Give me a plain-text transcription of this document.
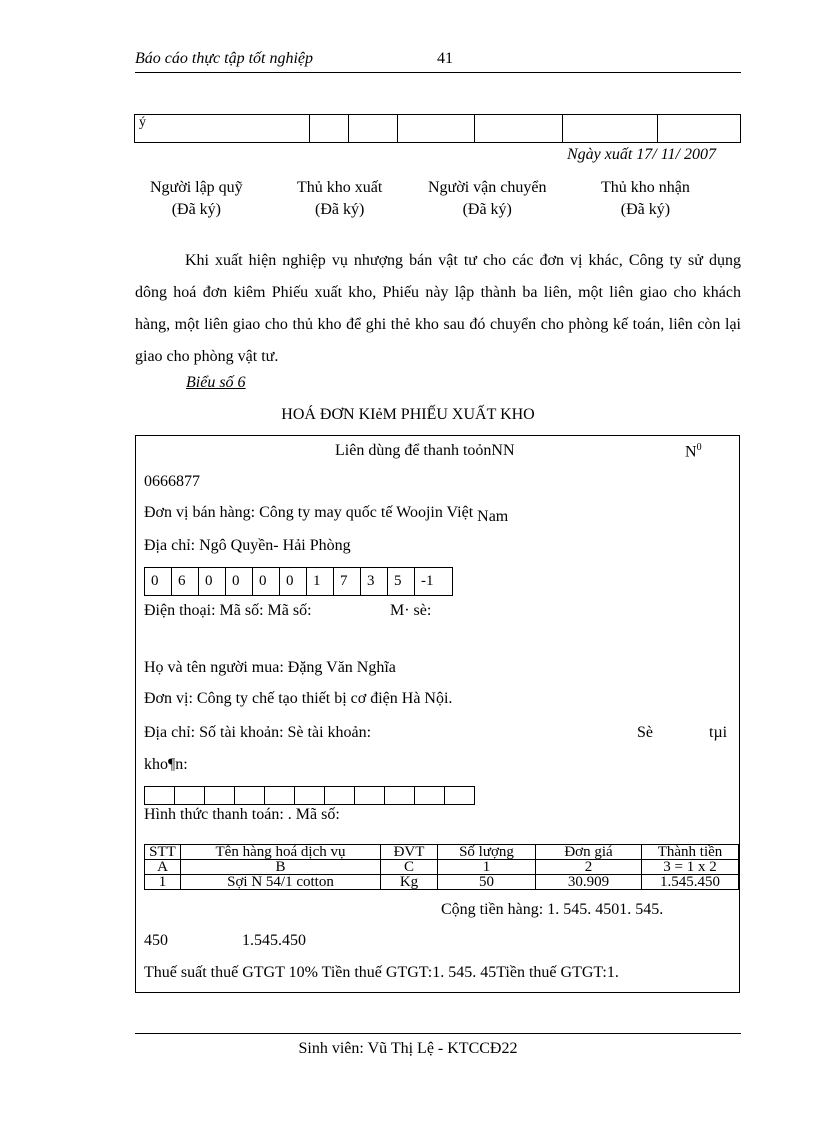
Báo cáo thực tập tốt nghiệp	41
ý						
Ngày xuất 17/ 11/ 2007
Người lập quỹ
(Đã ký)
Thủ kho xuất
(Đã ký)
Người vận chuyển
(Đã ký)
Thủ kho nhận
(Đã ký)
Khi xuất hiện nghiệp vụ nhượng bán vật tư cho các đơn vị khác, Công ty sử dụng dông hoá đơn kiêm Phiếu xuất kho, Phiếu này lập thành ba liên, một liên giao cho khách hàng, một liên giao cho thủ kho để ghi thẻ kho sau đó chuyển cho phòng kế toán, liên còn lại giao cho phòng vật tư.
Biểu số 6
HOÁ ĐƠN KIẻM PHIẾU XUẤT KHO
Liên dùng để thanh toỏnNN	$N^0$
0666877
Đơn vị bán hàng: Công ty may quốc tế Woojin Việt Nam
Địa chỉ: Ngô Quyền- Hải Phòng
0	6	0	0	0	0	1	7	3	5	-1
Điện thoại: Mã số: Mã số:	M· sè:
Họ và tên người mua: Đặng Văn Nghĩa
Đơn vị: Công ty chế tạo thiết bị cơ điện Hà Nội.
Địa chỉ: Số tài khoản: Sè tài khoản:	Sè	tµi
kho¶n:

Hình thức thanh toán: . Mã số:
STT	Tên hàng hoá dịch vụ	ĐVT	Số lượng	Đơn giá	Thành tiền
A	B	C	1	2	3 = 1 x 2
1	Sợi N 54/1 cotton	Kg	50	30.909	1.545.450
Cộng tiền hàng: 1. 545. 4501. 545.
450	1.545.450
Thuế suất thuế GTGT 10% Tiền thuế GTGT:1. 545. 45Tiền thuế GTGT:1.
Sinh viên: Vũ Thị Lệ - KTCCĐ22
